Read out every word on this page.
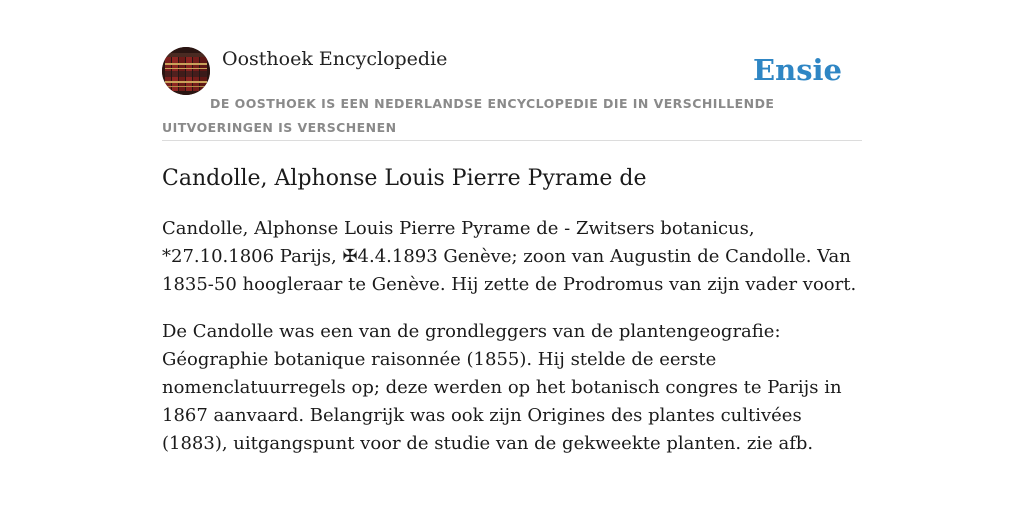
Oosthoek Encyclopedie	Ensie
DE OOSTHOEK IS EEN NEDERLANDSE ENCYCLOPEDIE DIE IN VERSCHILLENDE UITVOERINGEN IS VERSCHENEN
Candolle, Alphonse Louis Pierre Pyrame de

Candolle, Alphonse Louis Pierre Pyrame de - Zwitsers botanicus, *27.10.1806 Parijs, ✠4.4.1893 Genève; zoon van Augustin de Candolle. Van 1835-50 hoogleraar te Genève. Hij zette de Prodromus van zijn vader voort.

De Candolle was een van de grondleggers van de plantengeografie: Géographie botanique raisonnée (1855). Hij stelde de eerste nomenclatuurregels op; deze werden op het botanisch congres te Parijs in 1867 aanvaard. Belangrijk was ook zijn Origines des plantes cultivées (1883), uitgangspunt voor de studie van de gekweekte planten. zie afb.
